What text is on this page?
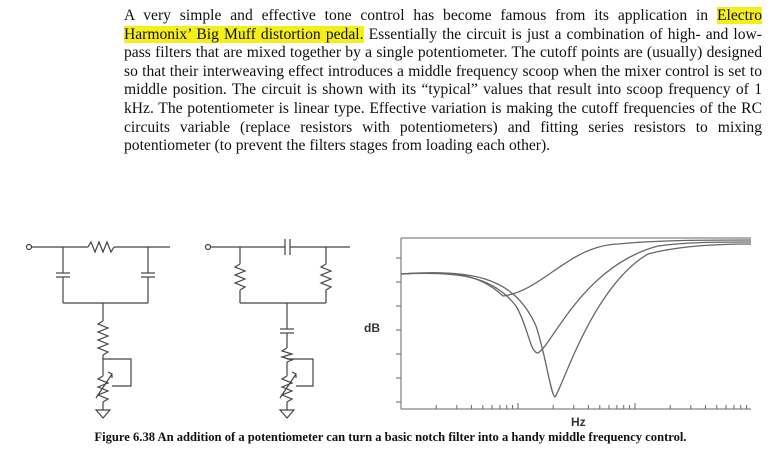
A very simple and effective tone control has become famous from its application in Electro Harmonix’ Big Muff distortion pedal. Essentially the circuit is just a combination of high- and low-pass filters that are mixed together by a single potentiometer. The cutoff points are (usually) designed so that their interweaving effect introduces a middle frequency scoop when the mixer control is set to middle position. The circuit is shown with its “typical” values that result into scoop frequency of 1 kHz. The potentiometer is linear type. Effective variation is making the cutoff frequencies of the RC circuits variable (replace resistors with potentiometers) and fitting series resistors to mixing potentiometer (to prevent the filters stages from loading each other).
dB
Hz
Figure 6.38 An addition of a potentiometer can turn a basic notch filter into a handy middle frequency control.
